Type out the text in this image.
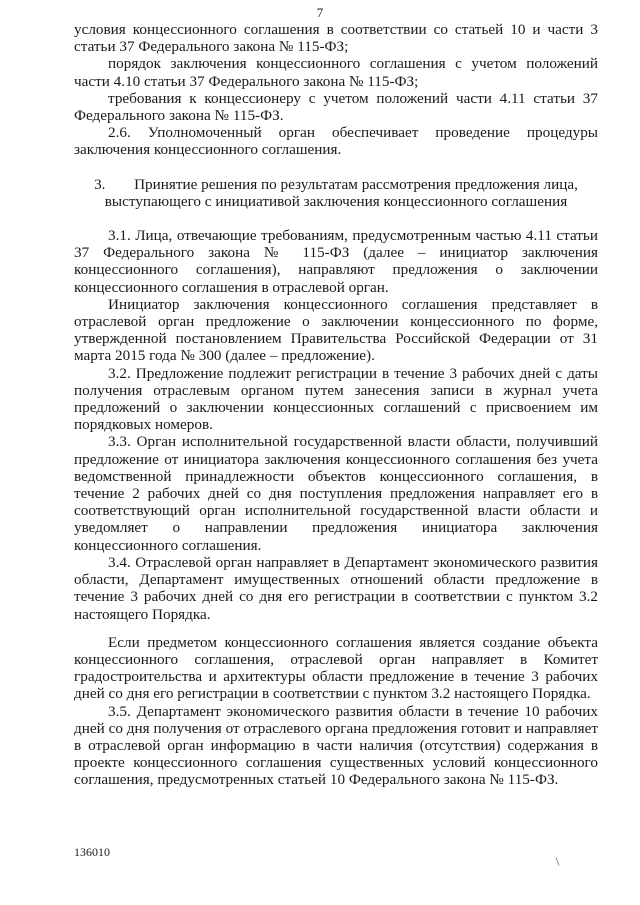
7

условия концессионного соглашения в соответствии со статьей 10 и части 3 статьи 37 Федерального закона № 115-ФЗ;

порядок заключения концессионного соглашения с учетом положений части 4.10 статьи 37 Федерального закона № 115-ФЗ;

требования к концессионеру с учетом положений части 4.11 статьи 37 Федерального закона № 115-ФЗ.

2.6. Уполномоченный орган обеспечивает проведение процедуры заключения концессионного соглашения.

3. Принятие решения по результатам рассмотрения предложения лица, выступающего с инициативой заключения концессионного соглашения

3.1. Лица, отвечающие требованиям, предусмотренным частью 4.11 статьи 37 Федерального закона № 115-ФЗ (далее – инициатор заключения концессионного соглашения), направляют предложения о заключении концессионного соглашения в отраслевой орган.

Инициатор заключения концессионного соглашения представляет в отраслевой орган предложение о заключении концессионного по форме, утвержденной постановлением Правительства Российской Федерации от 31 марта 2015 года № 300 (далее – предложение).

3.2. Предложение подлежит регистрации в течение 3 рабочих дней с даты получения отраслевым органом путем занесения записи в журнал учета предложений о заключении концессионных соглашений с присвоением им порядковых номеров.

3.3. Орган исполнительной государственной власти области, получивший предложение от инициатора заключения концессионного соглашения без учета ведомственной принадлежности объектов концессионного соглашения, в течение 2 рабочих дней со дня поступления предложения направляет его в соответствующий орган исполнительной государственной власти области и уведомляет о направлении предложения инициатора заключения концессионного соглашения.

3.4. Отраслевой орган направляет в Департамент экономического развития области, Департамент имущественных отношений области предложение в течение 3 рабочих дней со дня его регистрации в соответствии с пунктом 3.2 настоящего Порядка.

Если предметом концессионного соглашения является создание объекта концессионного соглашения, отраслевой орган направляет в Комитет градостроительства и архитектуры области предложение в течение 3 рабочих дней со дня его регистрации в соответствии с пунктом 3.2 настоящего Порядка.

3.5. Департамент экономического развития области в течение 10 рабочих дней со дня получения от отраслевого органа предложения готовит и направляет в отраслевой орган информацию в части наличия (отсутствия) содержания в проекте концессионного соглашения существенных условий концессионного соглашения, предусмотренных статьей 10 Федерального закона № 115-ФЗ.

136010
